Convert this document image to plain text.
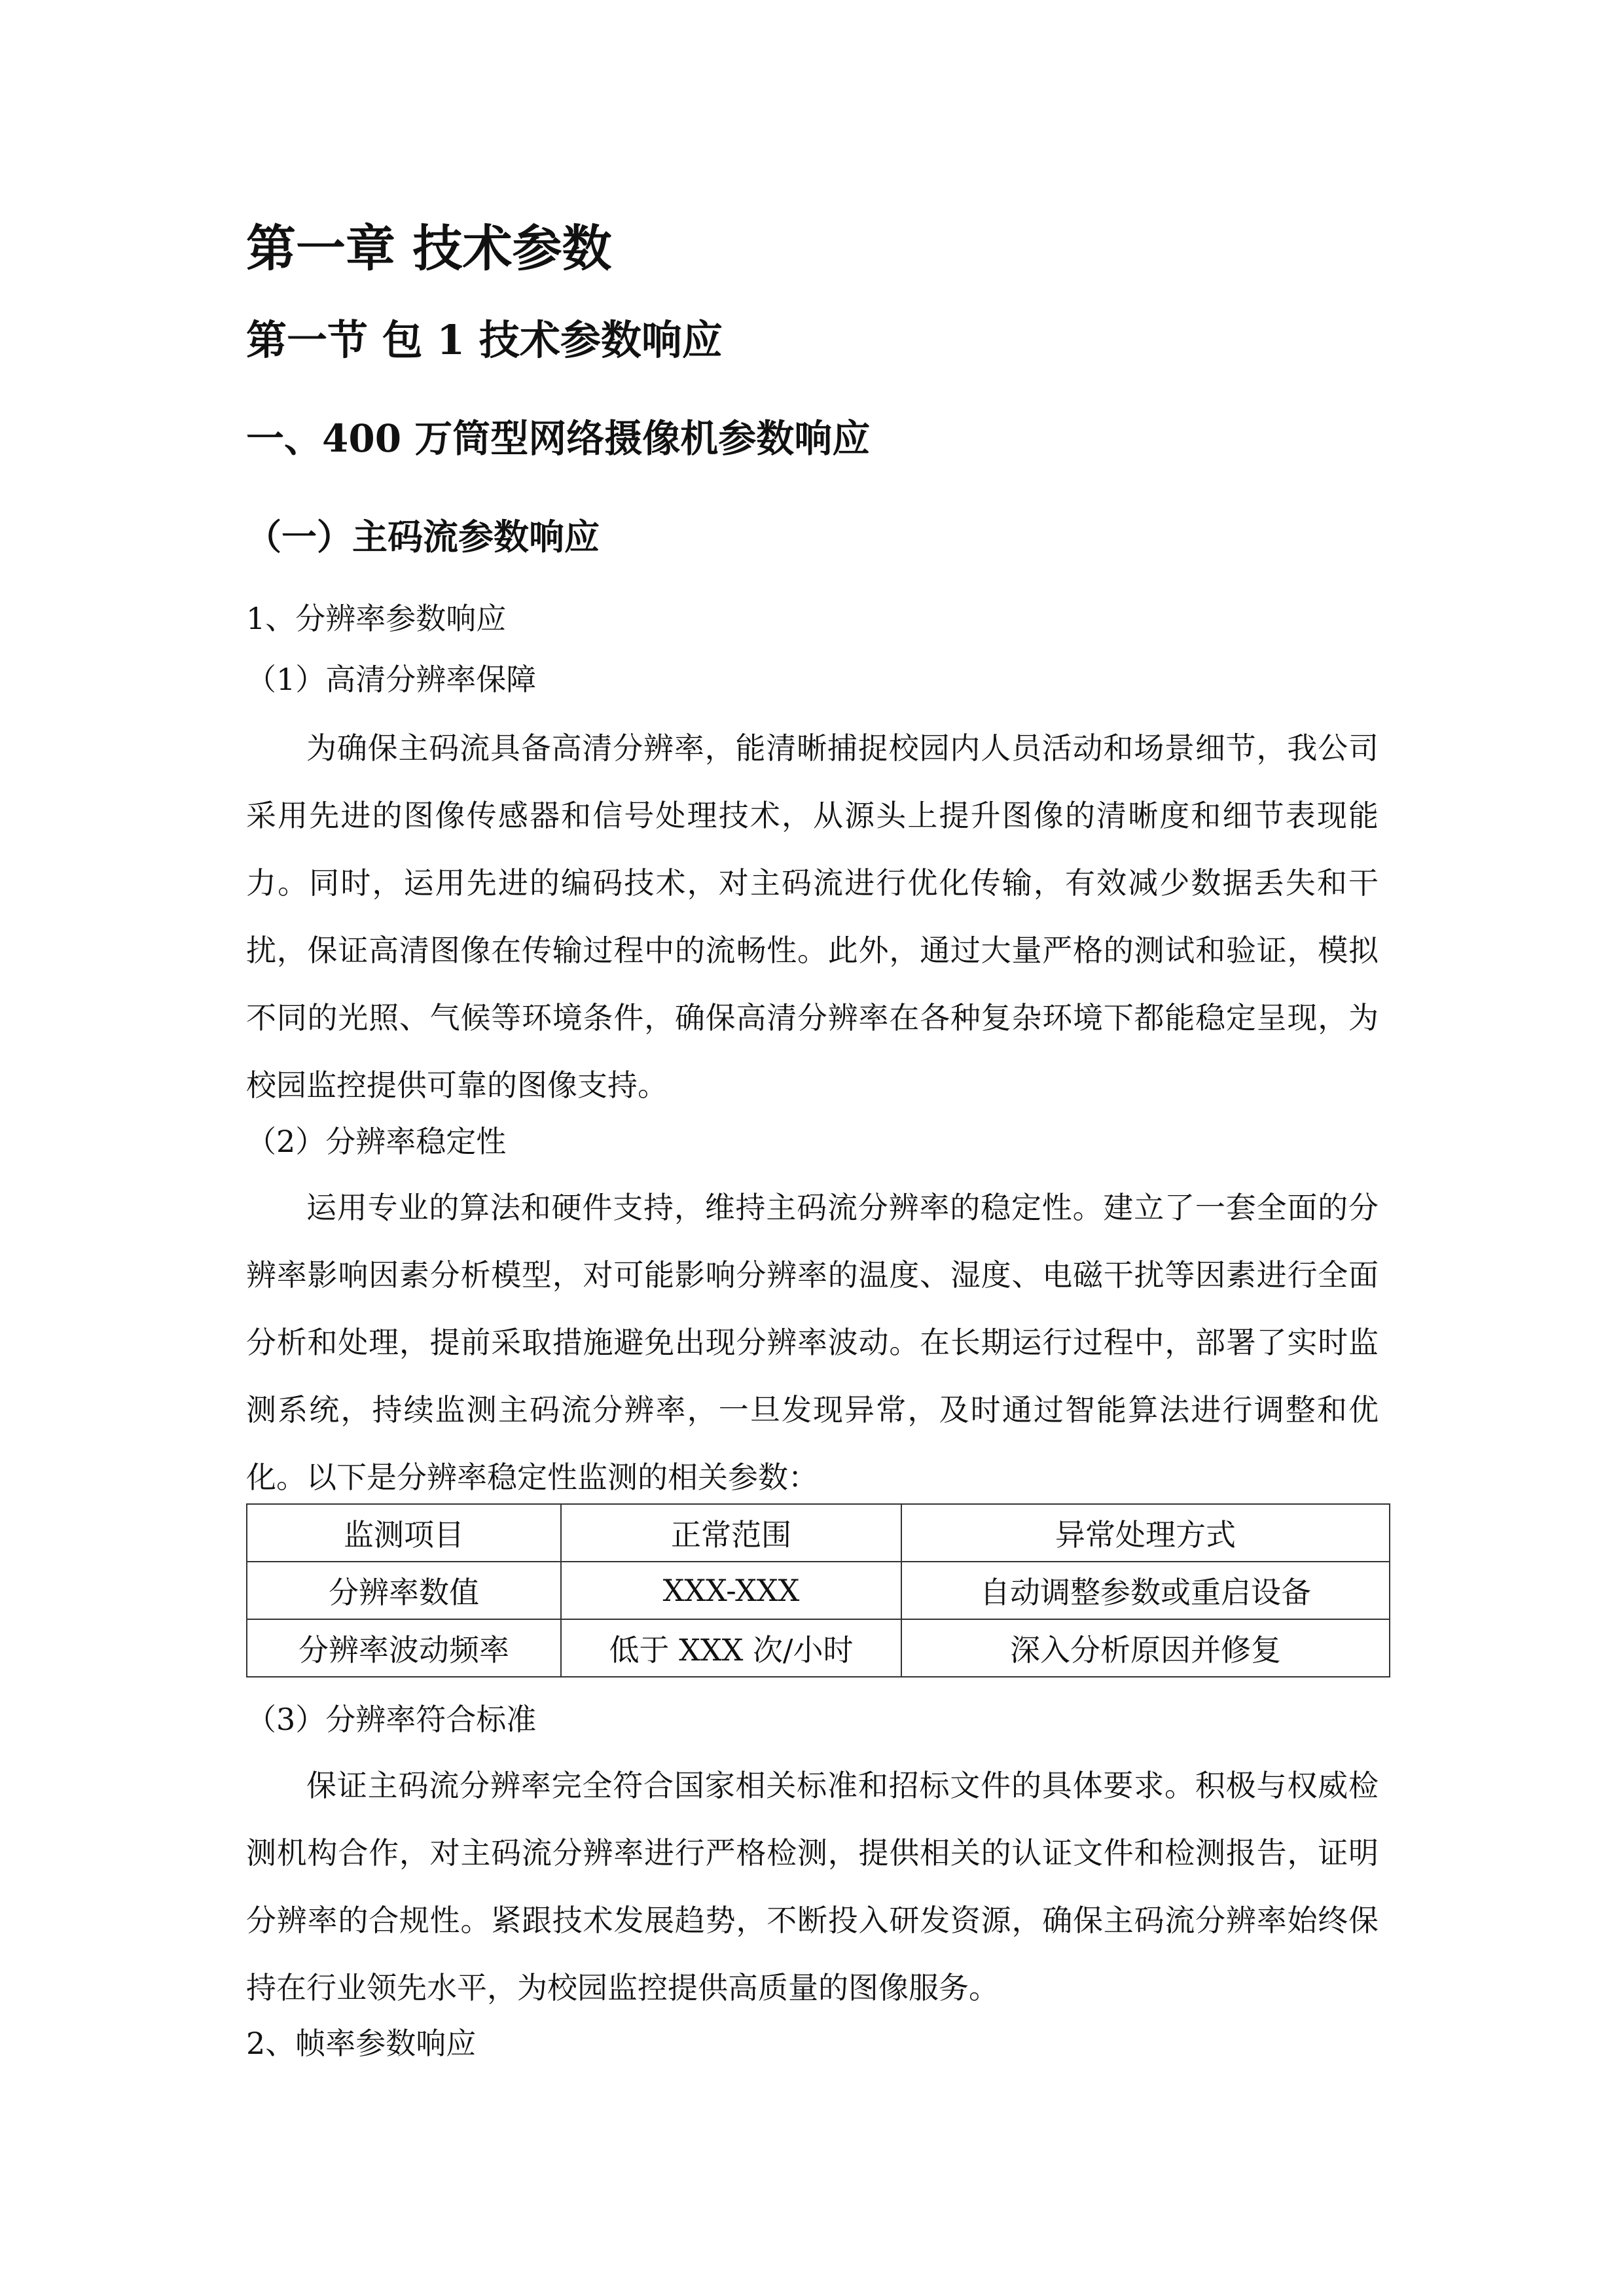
第一章 技术参数
第一节 包 1 技术参数响应
一、400 万筒型网络摄像机参数响应
（一）主码流参数响应
1、分辨率参数响应
（1）高清分辨率保障

为确保主码流具备高清分辨率，能清晰捕捉校园内人员活动和场景细节，我公司采用先进的图像传感器和信号处理技术，从源头上提升图像的清晰度和细节表现能力。同时，运用先进的编码技术，对主码流进行优化传输，有效减少数据丢失和干扰，保证高清图像在传输过程中的流畅性。此外，通过大量严格的测试和验证，模拟不同的光照、气候等环境条件，确保高清分辨率在各种复杂环境下都能稳定呈现，为校园监控提供可靠的图像支持。

（2）分辨率稳定性

运用专业的算法和硬件支持，维持主码流分辨率的稳定性。建立了一套全面的分辨率影响因素分析模型，对可能影响分辨率的温度、湿度、电磁干扰等因素进行全面分析和处理，提前采取措施避免出现分辨率波动。在长期运行过程中，部署了实时监测系统，持续监测主码流分辨率，一旦发现异常，及时通过智能算法进行调整和优化。以下是分辨率稳定性监测的相关参数：

监测项目	正常范围	异常处理方式
分辨率数值	XXX-XXX	自动调整参数或重启设备
分辨率波动频率	低于 XXX 次/小时	深入分析原因并修复
（3）分辨率符合标准

保证主码流分辨率完全符合国家相关标准和招标文件的具体要求。积极与权威检测机构合作，对主码流分辨率进行严格检测，提供相关的认证文件和检测报告，证明分辨率的合规性。紧跟技术发展趋势，不断投入研发资源，确保主码流分辨率始终保持在行业领先水平，为校园监控提供高质量的图像服务。

2、帧率参数响应
